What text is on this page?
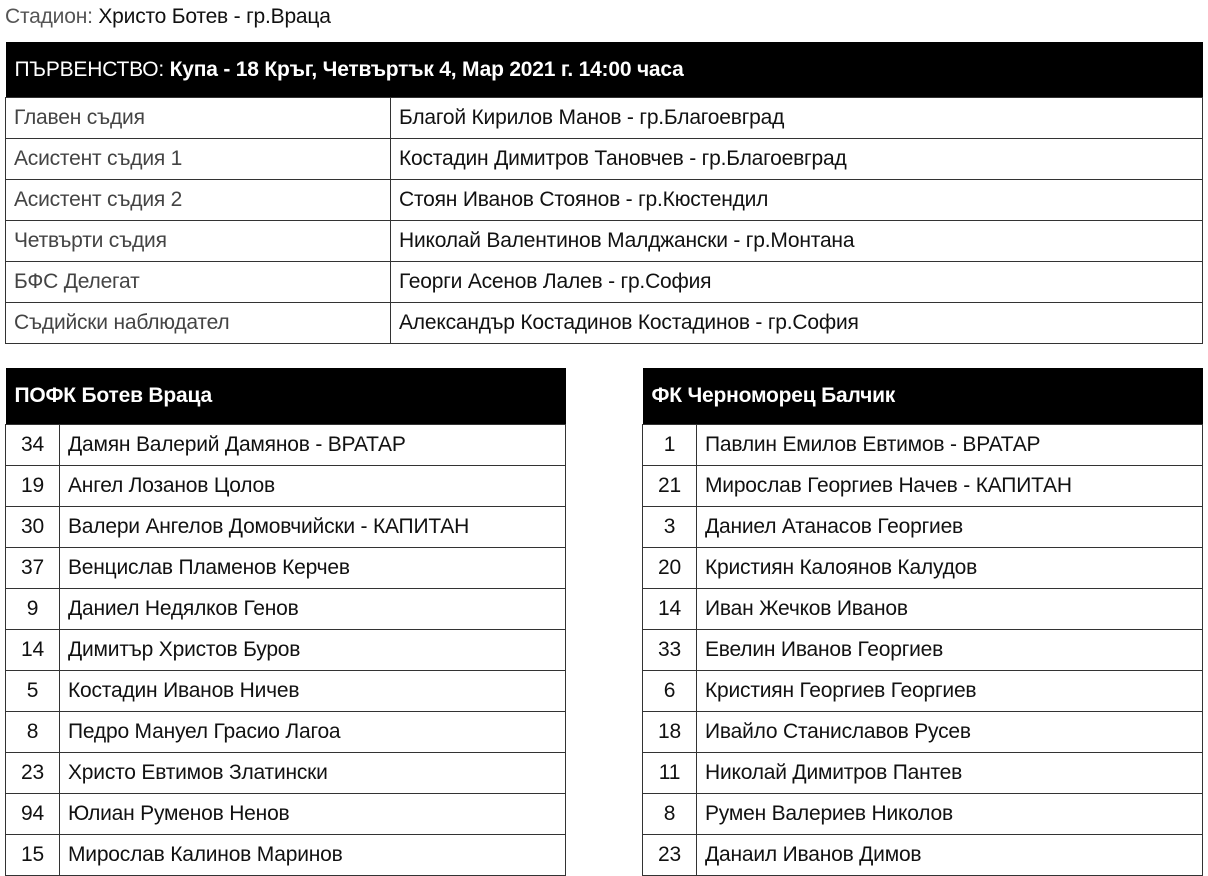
Стадион: Христо Ботев - гр.Враца
ПЪРВЕНСТВО: Купа - 18 Кръг, Четвъртък 4, Мар 2021 г. 14:00 часа	
Главен съдия	Благой Кирилов Манов - гр.Благоевград
Асистент съдия 1	Костадин Димитров Тановчев - гр.Благоевград
Асистент съдия 2	Стоян Иванов Стоянов - гр.Кюстендил
Четвърти съдия	Николай Валентинов Малджански - гр.Монтана
БФС Делегат	Георги Асенов Лалев - гр.София
Съдийски наблюдател	Александър Костадинов Костадинов - гр.София
ПОФК Ботев Враца	
34	Дамян Валерий Дамянов - ВРАТАР
19	Ангел Лозанов Цолов
30	Валери Ангелов Домовчийски - КАПИТАН
37	Венцислав Пламенов Керчев
9	Даниел Недялков Генов
14	Димитър Христов Буров
5	Костадин Иванов Ничев
8	Педро Мануел Грасио Лагоа
23	Христо Евтимов Златински
94	Юлиан Руменов Ненов
15	Мирослав Калинов Маринов
ФК Черноморец Балчик	
1	Павлин Емилов Евтимов - ВРАТАР
21	Мирослав Георгиев Начев - КАПИТАН
3	Даниел Атанасов Георгиев
20	Кристиян Калоянов Калудов
14	Иван Жечков Иванов
33	Евелин Иванов Георгиев
6	Кристиян Георгиев Георгиев
18	Ивайло Станиславов Русев
11	Николай Димитров Пантев
8	Румен Валериев Николов
23	Данаил Иванов Димов
